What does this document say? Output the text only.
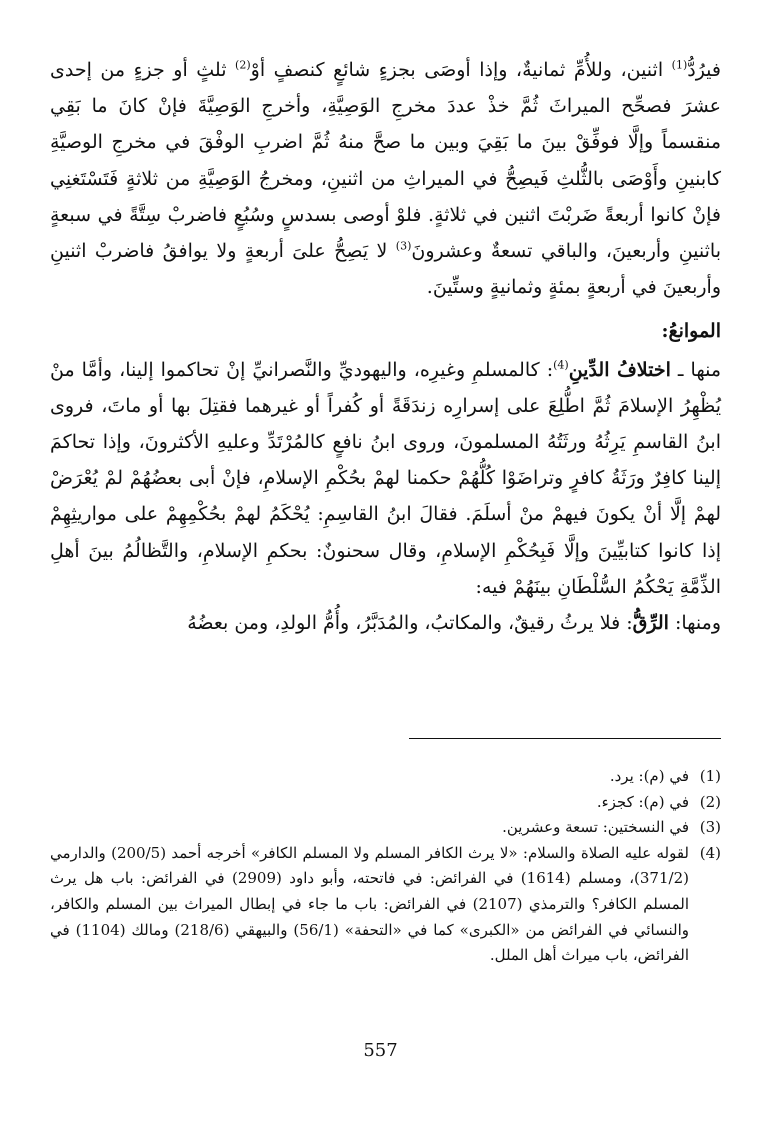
فيرُدُّ$^{(1)}$ اثنين، وللأُمِّ ثمانيةٌ، وإذا أوصَى بجزءٍ شائعٍ كنصفٍ أوْ$^{(2)}$ ثلثٍ أو جزءٍ من إحدى عشرَ فصحِّح الميراثَ ثُمَّ خذْ عددَ مخرجِ الوَصِيَّةِ، وأخرجِ الوَصِيَّةَ فإنْ كانَ ما بَقِي منقسماً وإلَّا فوفِّقْ بينَ ما بَقِيَ وبين ما صحَّ منهُ ثُمَّ اضربِ الوفْقَ في مخرجِ الوصيَّةِ كابنينِ وأَوْصَى بالثُّلثِ فَيصِحُّ في الميراثِ من اثنينِ، ومخرجُ الوَصِيَّةِ من ثلاثةٍ فَتَسْتَغنِي فإنْ كانوا أربعةً ضَربْتَ اثنين في ثلاثةٍ. فلوْ أوصى بسدسٍ وسُبُعٍ فاضربْ سِتَّةً في سبعةٍ باثنينِ وأربعينَ، والباقي تسعةٌ وعشرونَ$^{(3)}$ لا يَصِحُّ علىَ أربعةٍ ولا يوافقُ فاضربْ اثنينِ وأربعينَ في أربعةٍ بمئةٍ وثمانيةٍ وستِّينَ.

الموانعُ:

منها ـ اختلافُ الدِّينِ$^{(4)}$: كالمسلمِ وغيرِه، واليهوديِّ والنَّصرانيِّ إنْ تحاكموا إلينا، وأمَّا منْ يُظْهِرُ الإسلامَ ثُمَّ اطُّلِعَ على إسرارِه زندَقَةً أو كُفراً أو غيرهما فقتِلَ بها أو ماتَ، فروى ابنُ القاسمِ يَرِثُهُ ورثَتُهُ المسلمونَ، وروى ابنُ نافعٍ كالمُرْتَدِّ وعليهِ الأكثرونَ، وإذا تحاكمَ إلينا كافِرٌ ورَثَةُ كافرٍ وتراضَوْا كُلُّهُمْ حكمنا لهمْ بحُكْمِ الإسلامِ، فإنْ أبى بعضُهُمْ لمْ يُعْرَضْ لهمْ إلَّا أنْ يكونَ فيهمْ منْ أسلَمَ. فقالَ ابنُ القاسِمِ: يُحْكَمُ لهمْ بحُكْمِهِمْ على مواريثِهِمْ إذا كانوا كتابيِّينَ وإلَّا فَبِحُكْمِ الإسلامِ، وقال سحنونٌ: بحكمِ الإسلامِ، والتَّظالُمُ بينَ أهلِ الذِّمَّةِ يَحْكُمُ السُّلْطَانِ بينَهُمْ فيه:

ومنها: الرِّقُّ: فلا يرثُ رقيقٌ، والمكاتبُ، والمُدَبَّرُ، وأُمُّ الولدِ، ومن بعضُهُ

(1)
في (م): يرد.
(2)
في (م): كجزء.
(3)
في النسختين: تسعة وعشرين.
(4)
لقوله عليه الصلاة والسلام: «لا يرث الكافر المسلم ولا المسلم الكافر» أخرجه أحمد (200/5) والدارمي (371/2)، ومسلم (1614) في الفرائض: في فاتحته، وأبو داود (2909) في الفرائض: باب هل يرث المسلم الكافر؟ والترمذي (2107) في الفرائض: باب ما جاء في إبطال الميراث بين المسلم والكافر، والنسائي في الفرائض من «الكبرى» كما في «التحفة» (56/1) والبيهقي (218/6) ومالك (1104) في الفرائض، باب ميراث أهل الملل.
557
